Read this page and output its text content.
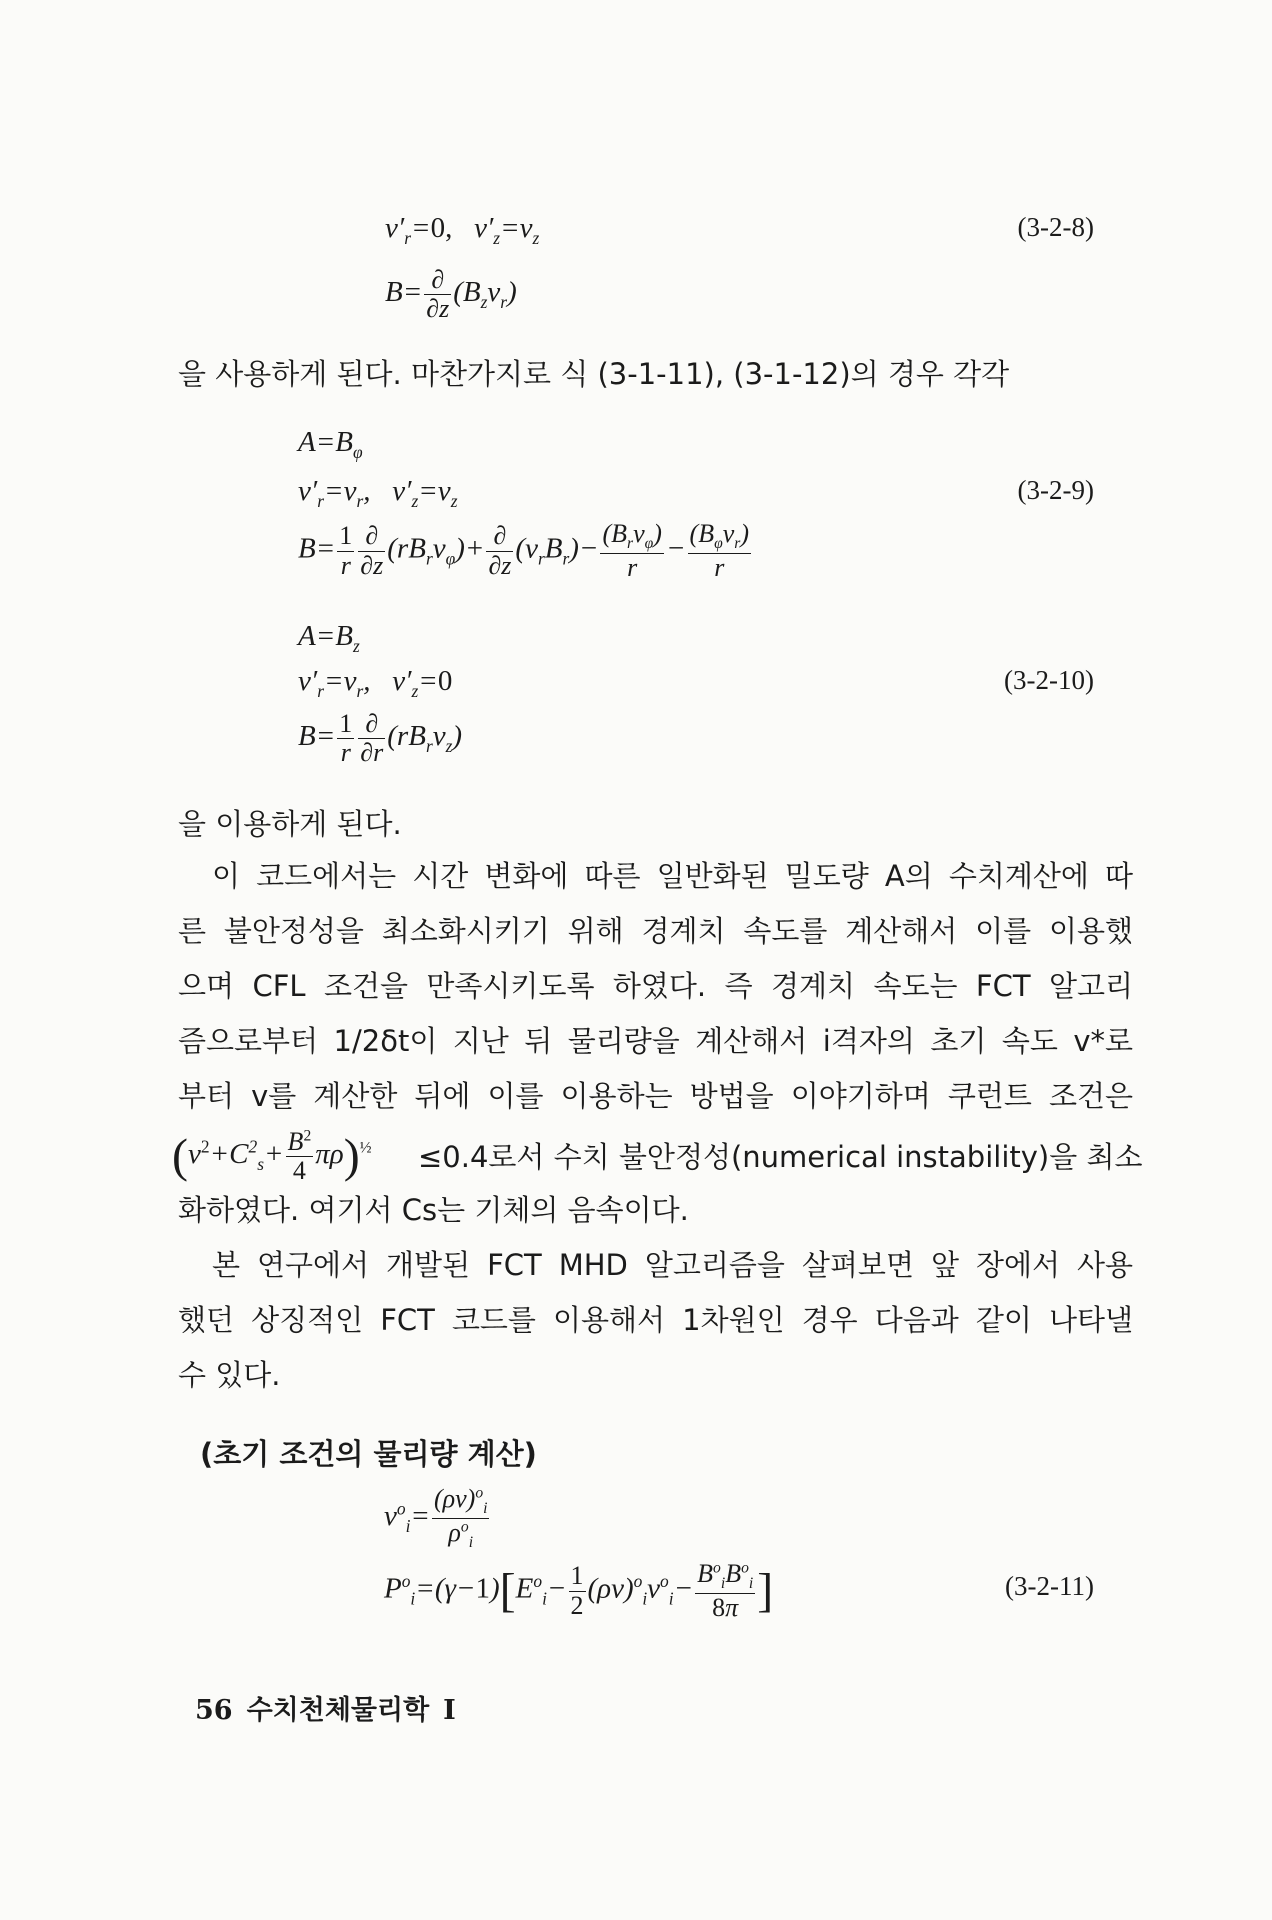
$v'_r=0$,   $v'_z=v_z$	(3-2-8)
$B= \frac{\partial}{\partial z} (B_zv_r)$
을 사용하게 된다. 마찬가지로 식 (3-1-11), (3-1-12)의 경우 각각
$A=B_\varphi$
$v'_r=v_r$,   $v'_z=v_z$	(3-2-9)
$B= \frac{1}{r} \frac{\partial}{\partial z} (rB_rv_\varphi)+ \frac{\partial}{\partial z} (v_rB_r)- \frac{(B_rv_\varphi)}{r} - \frac{(B_\varphi v_r)}{r}$
$A=B_z$
$v'_r=v_r$,   $v'_z=0$	(3-2-10)
$B= \frac{1}{r} \frac{\partial}{\partial r} (rB_rv_z)$
을 이용하게 된다.
이 코드에서는 시간 변화에 따른 일반화된 밀도량 A의 수치계산에 따
른 불안정성을 최소화시키기 위해 경계치 속도를 계산해서 이를 이용했
으며 CFL 조건을 만족시키도록 하였다. 즉 경계치 속도는 FCT 알고리
즘으로부터 1/2δt이 지난 뒤 물리량을 계산해서 i격자의 초기 속도 v*로
부터 v를 계산한 뒤에 이를 이용하는 방법을 이야기하며 쿠런트 조건은
$(v^2+C^2_s+ \frac{B^2}{4} \pi\rho)^{\frac{1}{2}} \le 0.4$로서 수치 불안정성(numerical instability)을 최소
화하였다. 여기서 Cs는 기체의 음속이다.
본 연구에서 개발된 FCT MHD 알고리즘을 살펴보면 앞 장에서 사용
했던 상징적인 FCT 코드를 이용해서 1차원인 경우 다음과 같이 나타낼
수 있다.
(초기 조건의 물리량 계산)
$v^o_i= \frac{(\rho v)^o_i}{\rho^o_i}$
$P^o_i=(\gamma-1)[E^o_i- \frac{1}{2} (\rho v)^o_iv^o_i- \frac{B^o_iB^o_i}{8\pi}$ ]	(3-2-11)
56 수치천체물리학 I
